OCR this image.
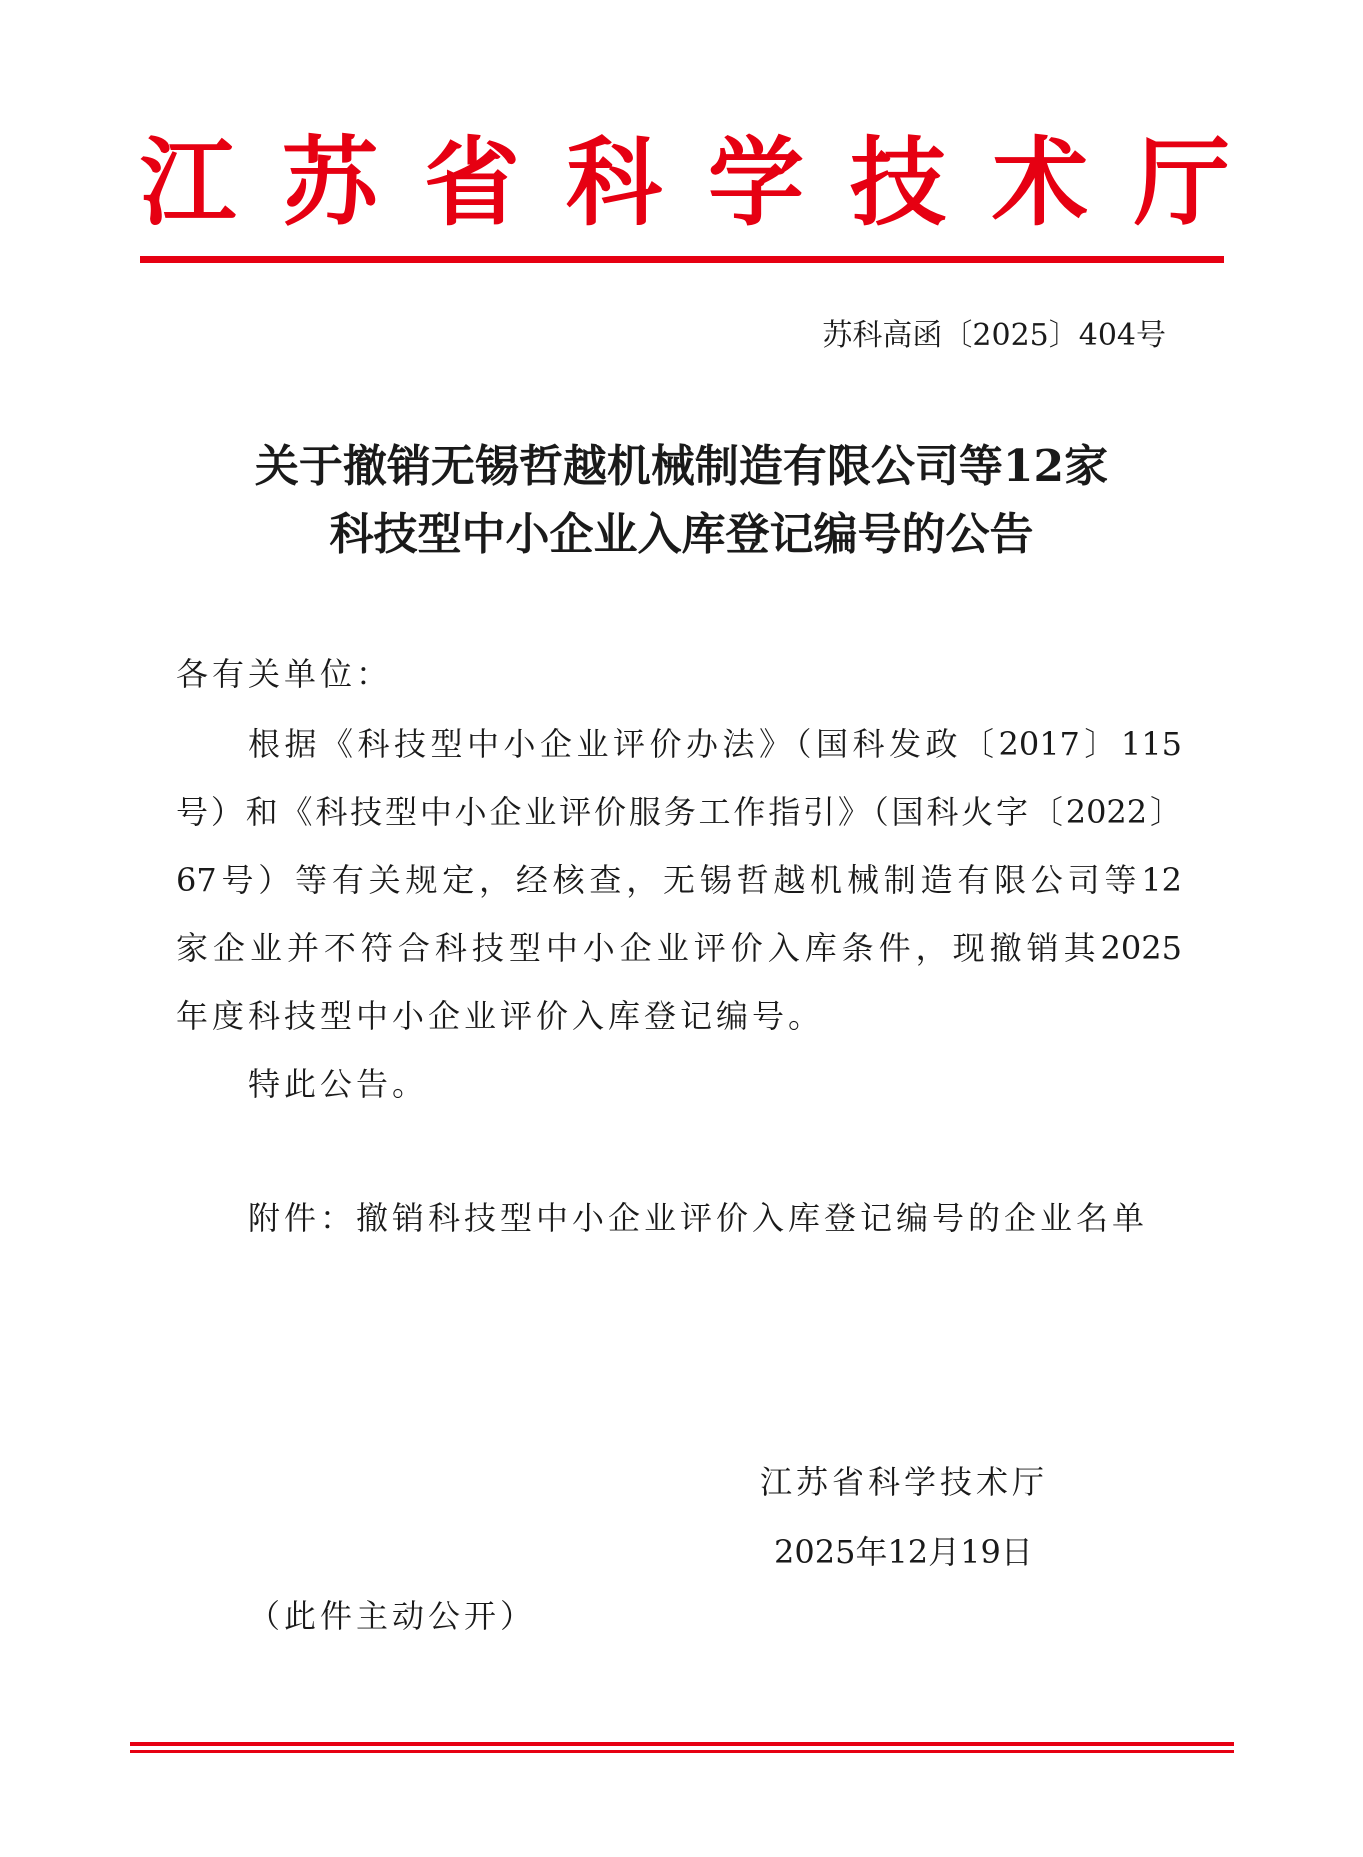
江 苏 省 科 学 技 术 厅
苏科高函〔2025〕404号
关于撤销无锡哲越机械制造有限公司等12家
科技型中小企业入库登记编号的公告
各有关单位：
根据《科技型中小企业评价办法》（国科发政〔2017〕115
号）和《科技型中小企业评价服务工作指引》（国科火字〔2022〕
67号）等有关规定，经核查，无锡哲越机械制造有限公司等12
家企业并不符合科技型中小企业评价入库条件，现撤销其2025
年度科技型中小企业评价入库登记编号。
特此公告。
附件：撤销科技型中小企业评价入库登记编号的企业名单
江苏省科学技术厅
2025年12月19日
（此件主动公开）
